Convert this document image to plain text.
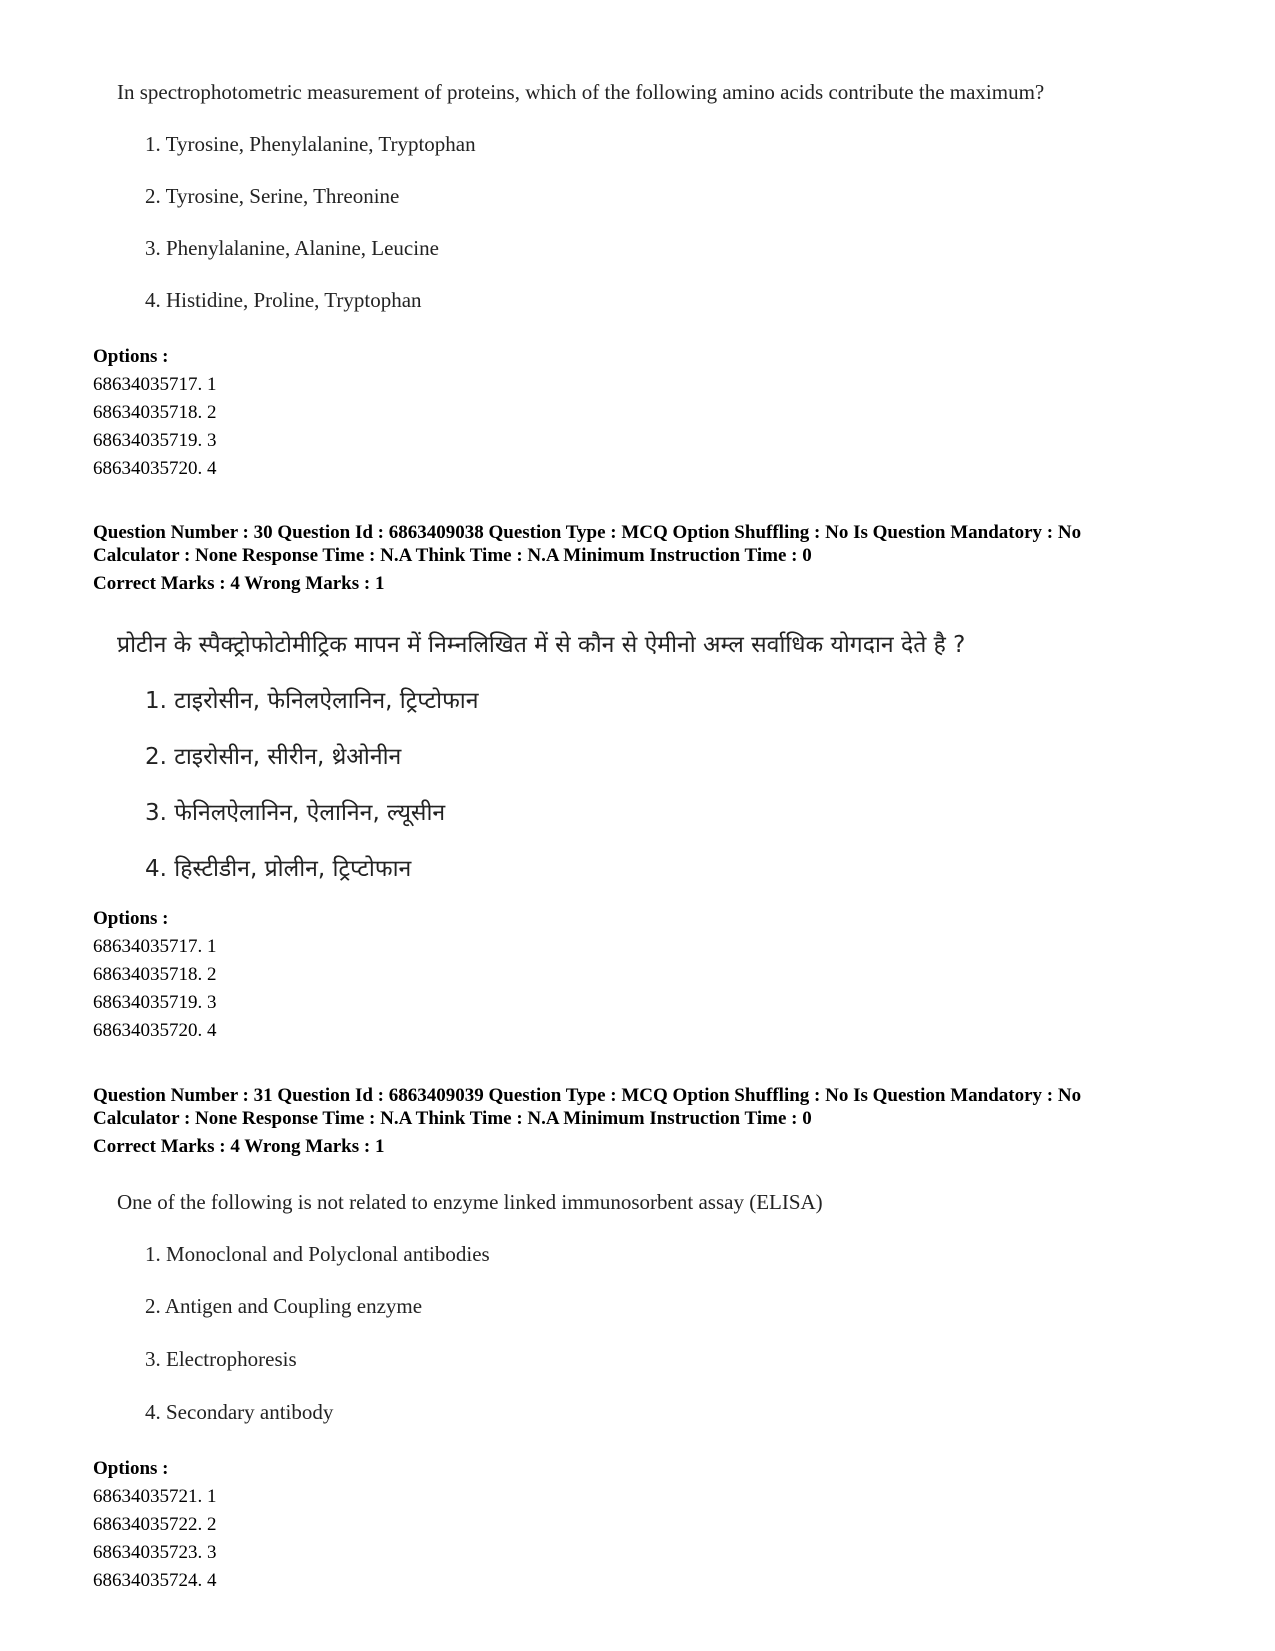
In spectrophotometric measurement of proteins, which of the following amino acids contribute the maximum?
1. Tyrosine, Phenylalanine, Tryptophan
2. Tyrosine, Serine, Threonine
3. Phenylalanine, Alanine, Leucine
4. Histidine, Proline, Tryptophan
Options :
68634035717. 1
68634035718. 2
68634035719. 3
68634035720. 4
Question Number : 30 Question Id : 6863409038 Question Type : MCQ Option Shuffling : No Is Question Mandatory : No
Calculator : None Response Time : N.A Think Time : N.A Minimum Instruction Time : 0
Correct Marks : 4 Wrong Marks : 1
प्रोटीन के स्पैक्ट्रोफोटोमीट्रिक मापन में निम्नलिखित में से कौन से ऐमीनो अम्ल सर्वाधिक योगदान देते है ?
1. टाइरोसीन, फेनिलऐलानिन, ट्रिप्टोफान
2. टाइरोसीन, सीरीन, थ्रेओनीन
3. फेनिलऐलानिन, ऐलानिन, ल्यूसीन
4. हिस्टीडीन, प्रोलीन, ट्रिप्टोफान
Options :
68634035717. 1
68634035718. 2
68634035719. 3
68634035720. 4
Question Number : 31 Question Id : 6863409039 Question Type : MCQ Option Shuffling : No Is Question Mandatory : No
Calculator : None Response Time : N.A Think Time : N.A Minimum Instruction Time : 0
Correct Marks : 4 Wrong Marks : 1
One of the following is not related to enzyme linked immunosorbent assay (ELISA)
1. Monoclonal and Polyclonal antibodies
2. Antigen and Coupling enzyme
3. Electrophoresis
4. Secondary antibody
Options :
68634035721. 1
68634035722. 2
68634035723. 3
68634035724. 4
